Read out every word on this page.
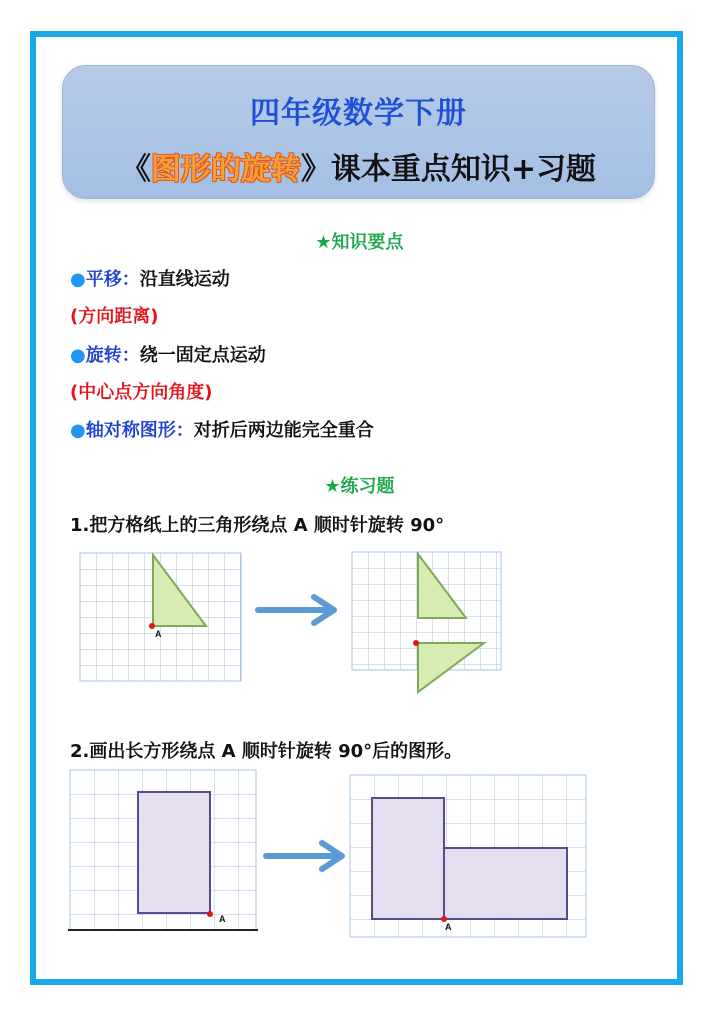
四年级数学下册
《图形的旋转》课本重点知识+习题
★知识要点
●平移：沿直线运动
(方向距离)
●旋转：绕一固定点运动
(中心点方向角度)
●轴对称图形：对折后两边能完全重合
★练习题
1.把方格纸上的三角形绕点 A 顺时针旋转 90°
2.画出长方形绕点 A 顺时针旋转 90°后的图形。
A
A
A
